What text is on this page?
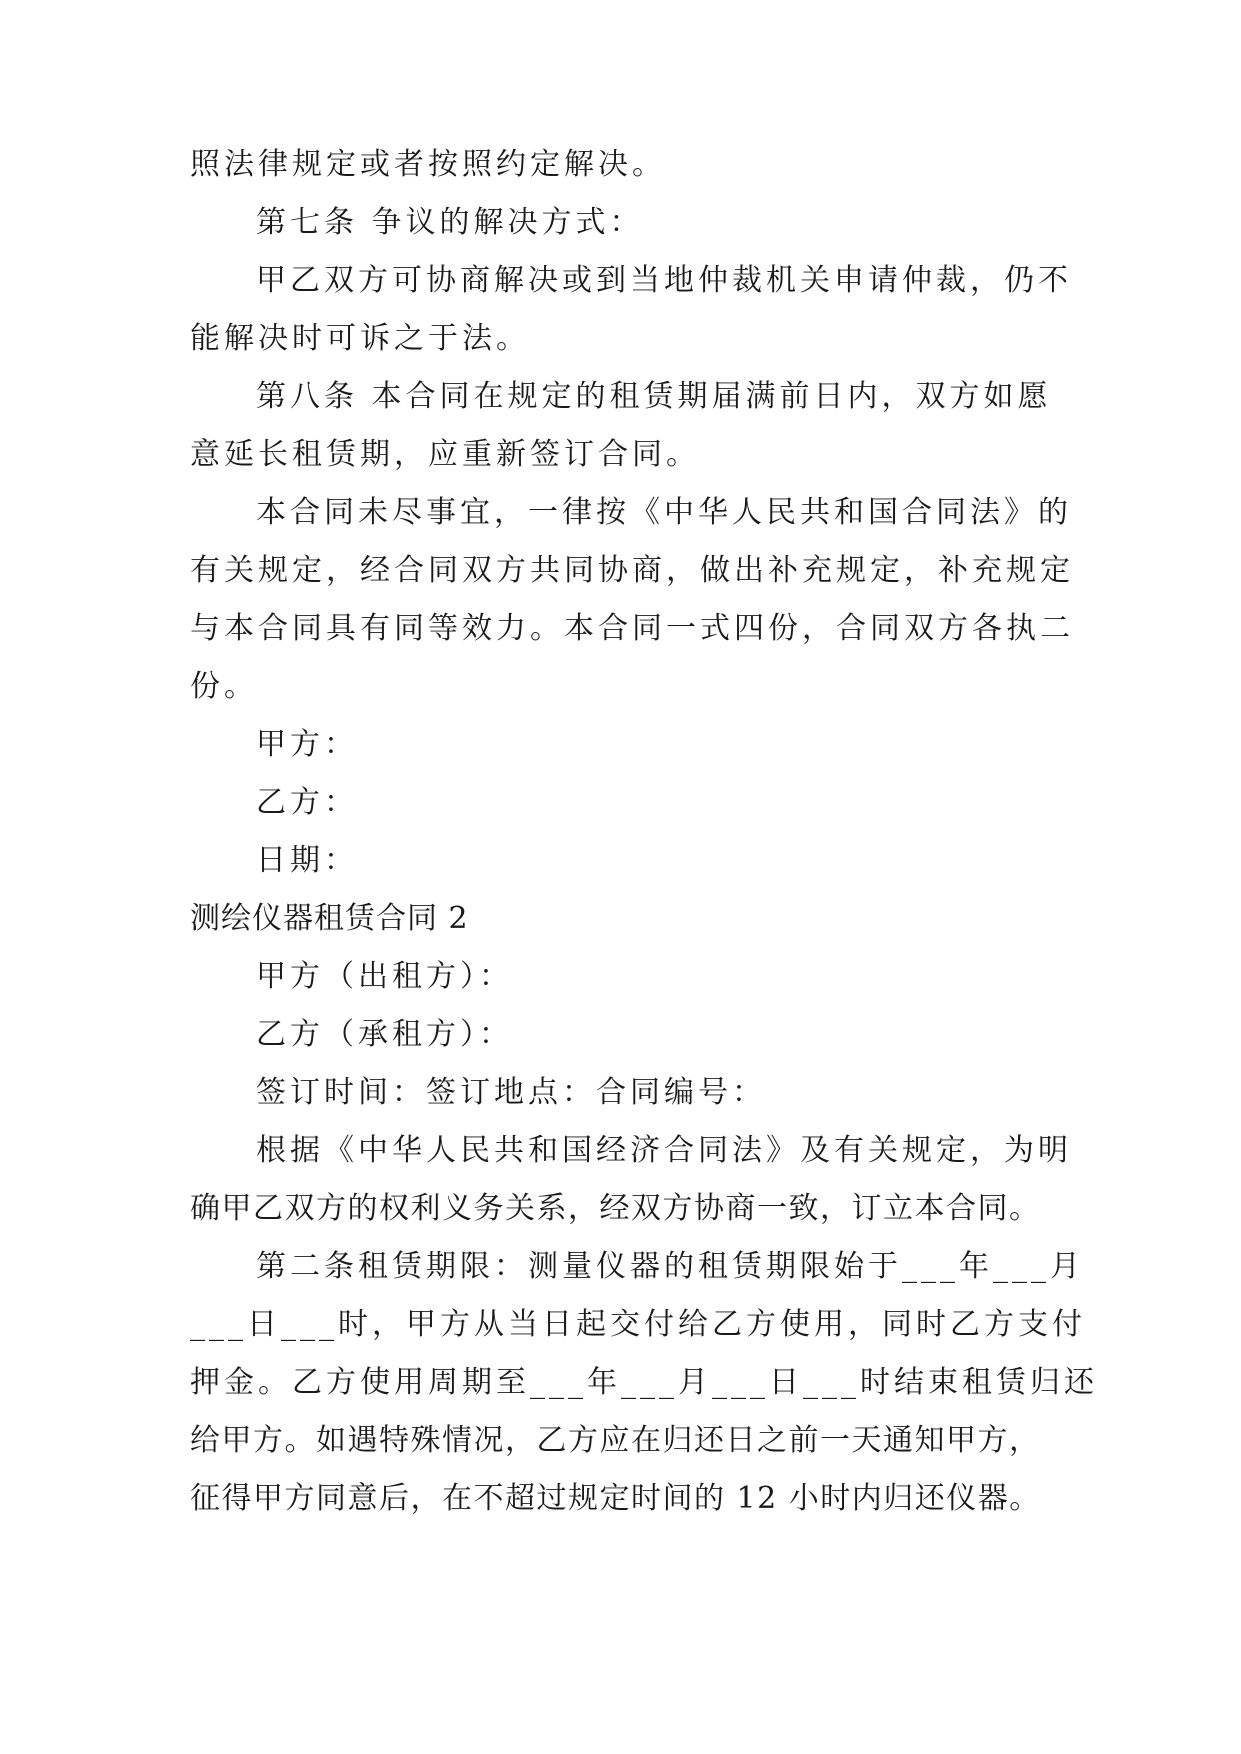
照法律规定或者按照约定解决。

第七条 争议的解决方式：

甲乙双方可协商解决或到当地仲裁机关申请仲裁，仍不

能解决时可诉之于法。

第八条 本合同在规定的租赁期届满前日内，双方如愿

意延长租赁期，应重新签订合同。

本合同未尽事宜，一律按《中华人民共和国合同法》的

有关规定，经合同双方共同协商，做出补充规定，补充规定

与本合同具有同等效力。本合同一式四份，合同双方各执二

份。

甲方：

乙方：

日期：

测绘仪器租赁合同 2

甲方（出租方）：

乙方（承租方）：

签订时间：签订地点：合同编号：

根据《中华人民共和国经济合同法》及有关规定，为明

确甲乙双方的权利义务关系，经双方协商一致，订立本合同。

第二条租赁期限：测量仪器的租赁期限始于___年___月

___日___时，甲方从当日起交付给乙方使用，同时乙方支付

押金。乙方使用周期至___年___月___日___时结束租赁归还

给甲方。如遇特殊情况，乙方应在归还日之前一天通知甲方，

征得甲方同意后，在不超过规定时间的 12 小时内归还仪器。
